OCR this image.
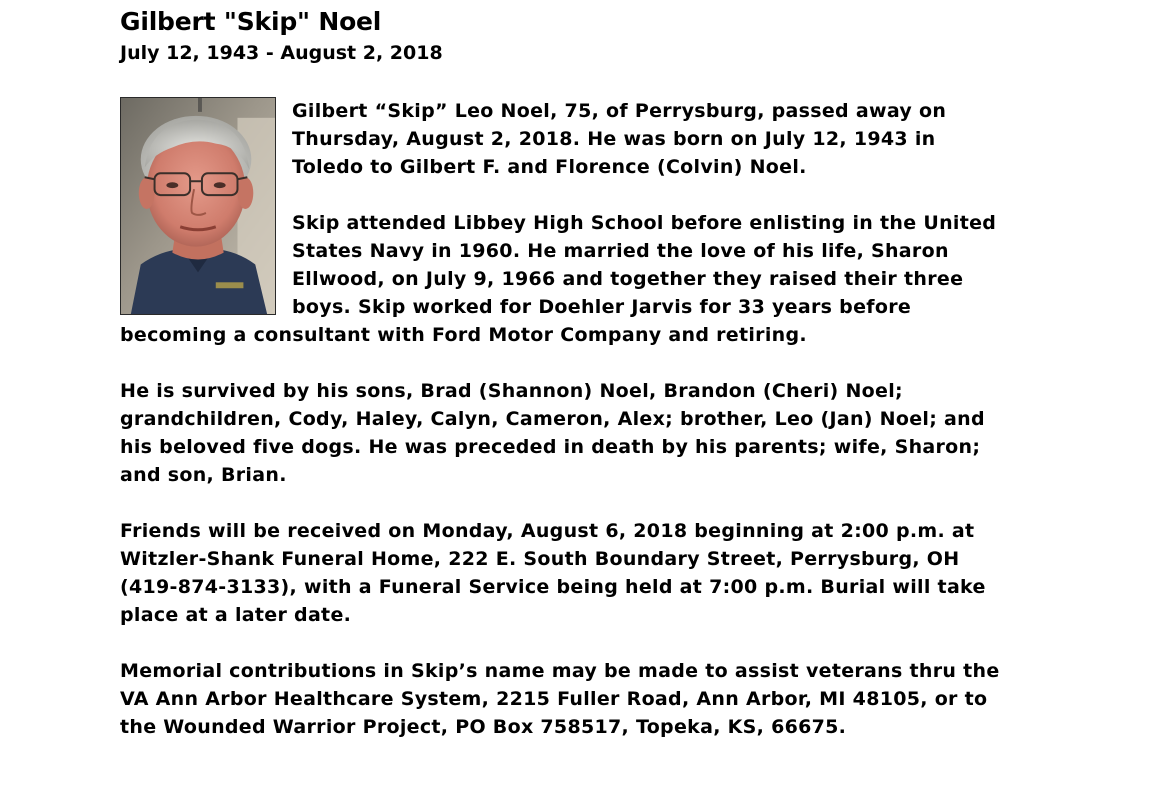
Gilbert "Skip" Noel
July 12, 1943 - August 2, 2018

Gilbert “Skip” Leo Noel, 75, of Perrysburg, passed away on Thursday, August 2, 2018. He was born on July 12, 1943 in Toledo to Gilbert F. and Florence (Colvin) Noel.

Skip attended Libbey High School before enlisting in the United States Navy in 1960. He married the love of his life, Sharon Ellwood, on July 9, 1966 and together they raised their three boys. Skip worked for Doehler Jarvis for 33 years before becoming a consultant with Ford Motor Company and retiring.

He is survived by his sons, Brad (Shannon) Noel, Brandon (Cheri) Noel; grandchildren, Cody, Haley, Calyn, Cameron, Alex; brother, Leo (Jan) Noel; and his beloved five dogs. He was preceded in death by his parents; wife, Sharon; and son, Brian.

Friends will be received on Monday, August 6, 2018 beginning at 2:00 p.m. at Witzler-Shank Funeral Home, 222 E. South Boundary Street, Perrysburg, OH (419-874-3133), with a Funeral Service being held at 7:00 p.m. Burial will take place at a later date.

Memorial contributions in Skip’s name may be made to assist veterans thru the VA Ann Arbor Healthcare System, 2215 Fuller Road, Ann Arbor, MI 48105, or to the Wounded Warrior Project, PO Box 758517, Topeka, KS, 66675.
